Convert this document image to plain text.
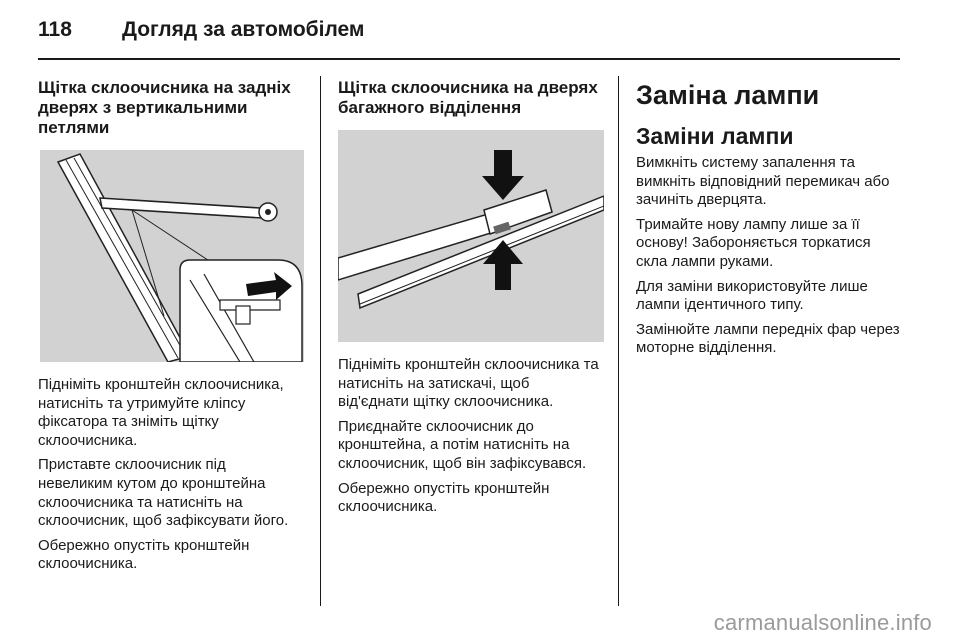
118 Догляд за автомобілем
Щітка склоочисника на задніх дверях з вертикальними петлями

Підніміть кронштейн склоочисника, натисніть та утримуйте кліпсу фіксатора та зніміть щітку склоочисника.

Приставте склоочисник під невеликим кутом до кронштейна склоочисника та натисніть на склоочисник, щоб зафіксувати його.

Обережно опустіть кронштейн склоочисника.

Щітка склоочисника на дверях багажного відділення

Підніміть кронштейн склоочисника та натисніть на затискачі, щоб від'єднати щітку склоочисника.

Приєднайте склоочисник до кронштейна, а потім натисніть на склоочисник, щоб він зафіксувався.

Обережно опустіть кронштейн склоочисника.

Заміна лампи
Заміни лампи

Вимкніть систему запалення та вимкніть відповідний перемикач або зачиніть дверцята.

Тримайте нову лампу лише за її основу! Забороняється торкатися скла лампи руками.

Для заміни використовуйте лише лампи ідентичного типу.

Замінюйте лампи передніх фар через моторне відділення.

carmanualsonline.info
